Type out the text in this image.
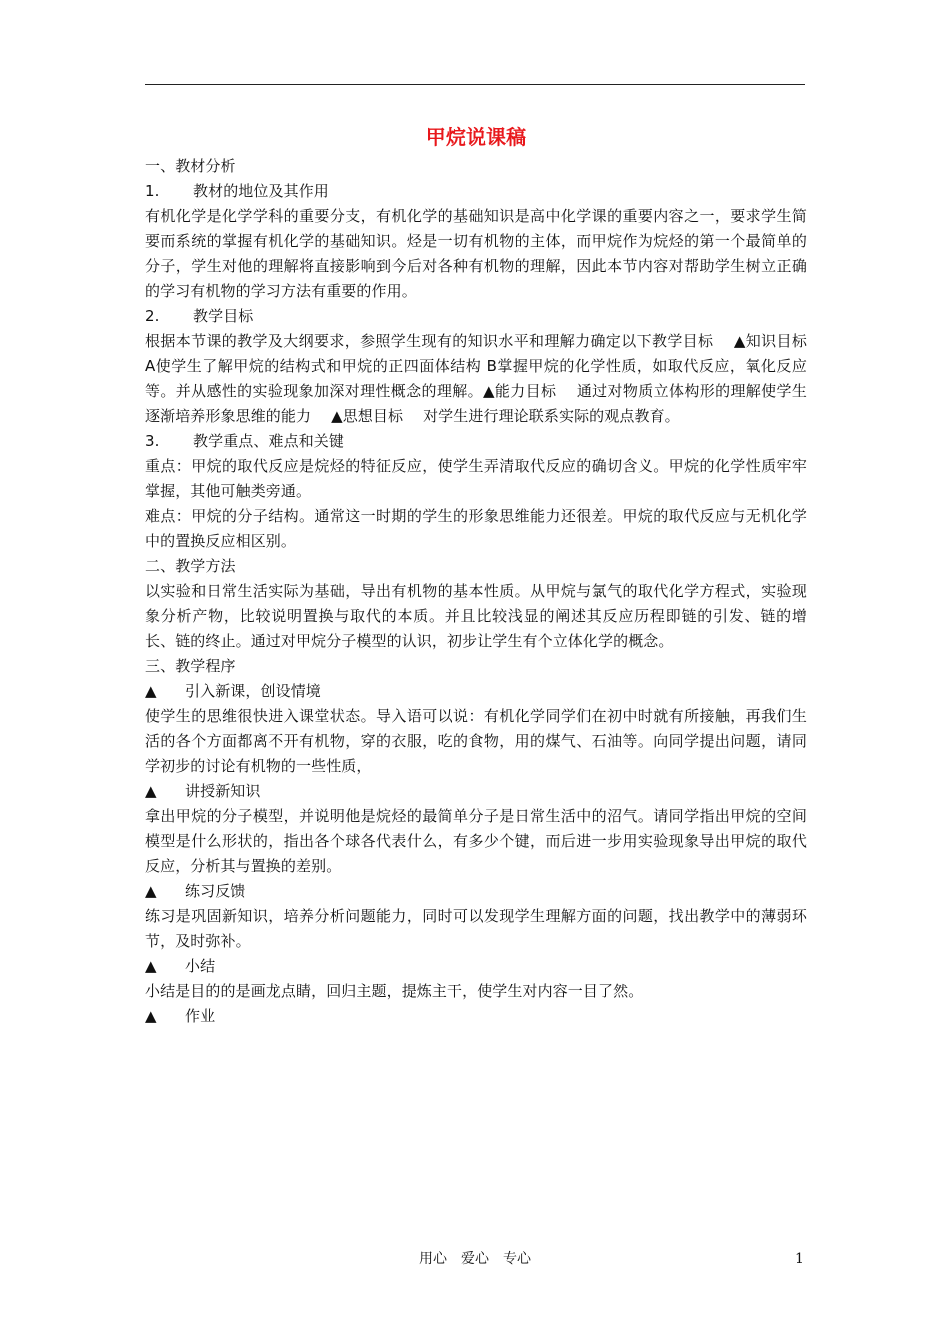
甲烷说课稿
一、教材分析
1. 教材的地位及其作用
有机化学是化学学科的重要分支，有机化学的基础知识是高中化学课的重要内容之一，要求学生简要而系统的掌握有机化学的基础知识。烃是一切有机物的主体，而甲烷作为烷烃的第一个最简单的分子，学生对他的理解将直接影响到今后对各种有机物的理解，因此本节内容对帮助学生树立正确的学习有机物的学习方法有重要的作用。
2. 教学目标
根据本节课的教学及大纲要求，参照学生现有的知识水平和理解力确定以下教学目标　 ▲知识目标　 A使学生了解甲烷的结构式和甲烷的正四面体结构 B掌握甲烷的化学性质，如取代反应，氧化反应等。并从感性的实验现象加深对理性概念的理解。▲能力目标　 通过对物质立体构形的理解使学生逐渐培养形象思维的能力　 ▲思想目标　 对学生进行理论联系实际的观点教育。
3. 教学重点、难点和关键
重点：甲烷的取代反应是烷烃的特征反应，使学生弄清取代反应的确切含义。甲烷的化学性质牢牢掌握，其他可触类旁通。
难点：甲烷的分子结构。通常这一时期的学生的形象思维能力还很差。甲烷的取代反应与无机化学中的置换反应相区别。
二、教学方法
以实验和日常生活实际为基础，导出有机物的基本性质。从甲烷与氯气的取代化学方程式，实验现象分析产物，比较说明置换与取代的本质。并且比较浅显的阐述其反应历程即链的引发、链的增长、链的终止。通过对甲烷分子模型的认识，初步让学生有个立体化学的概念。
三、教学程序
▲ 引入新课，创设情境
使学生的思维很快进入课堂状态。导入语可以说：有机化学同学们在初中时就有所接触，再我们生活的各个方面都离不开有机物，穿的衣服，吃的食物，用的煤气、石油等。向同学提出问题，请同学初步的讨论有机物的一些性质，
▲ 讲授新知识
拿出甲烷的分子模型，并说明他是烷烃的最简单分子是日常生活中的沼气。请同学指出甲烷的空间模型是什么形状的，指出各个球各代表什么，有多少个键，而后进一步用实验现象导出甲烷的取代反应，分析其与置换的差别。
▲ 练习反馈
练习是巩固新知识，培养分析问题能力，同时可以发现学生理解方面的问题，找出教学中的薄弱环节，及时弥补。
▲ 小结
小结是目的的是画龙点睛，回归主题，提炼主干，使学生对内容一目了然。
▲ 作业
用心　爱心　专心	1
